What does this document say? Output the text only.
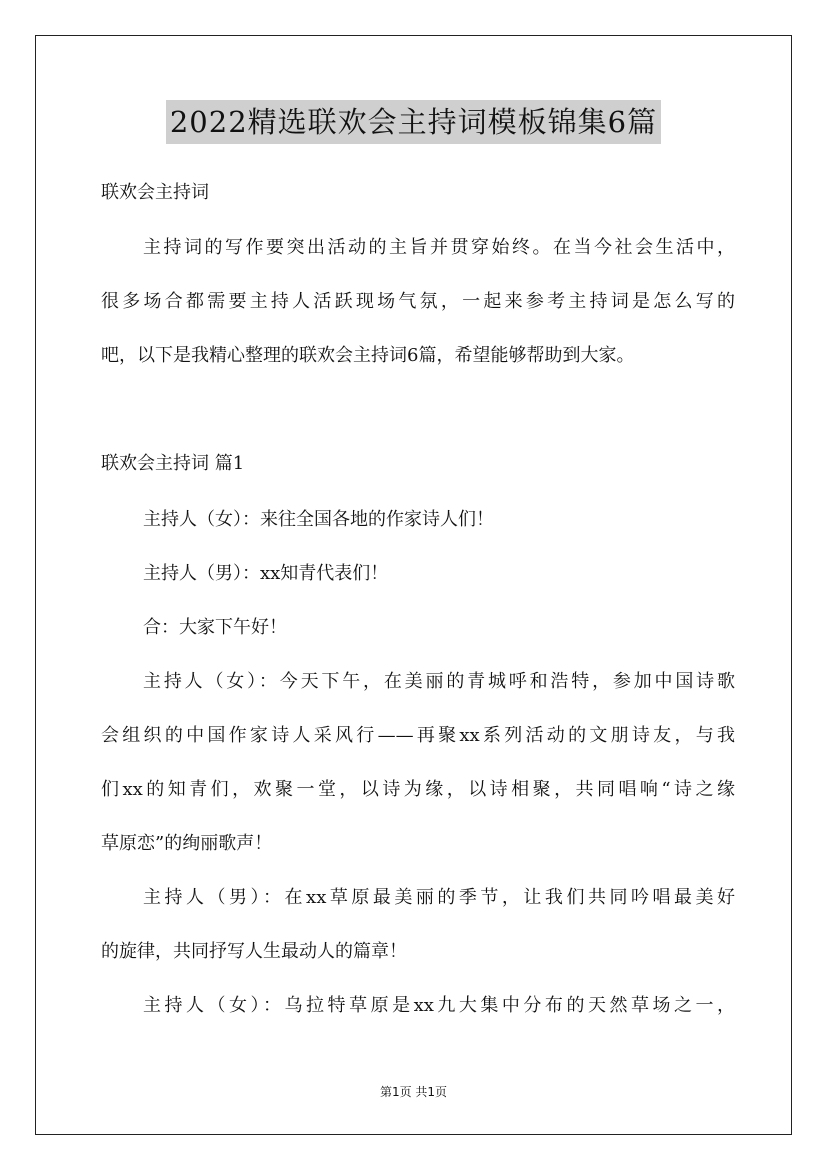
2022精选联欢会主持词模板锦集6篇

联欢会主持词

主持词的写作要突出活动的主旨并贯穿始终。在当今社会生活中，

很多场合都需要主持人活跃现场气氛，一起来参考主持词是怎么写的

吧，以下是我精心整理的联欢会主持词6篇，希望能够帮助到大家。

联欢会主持词 篇1

主持人（女）：来往全国各地的作家诗人们！

主持人（男）：xx知青代表们！

合：大家下午好！

主持人（女）：今天下午，在美丽的青城呼和浩特，参加中国诗歌

会组织的中国作家诗人采风行——再聚xx系列活动的文朋诗友，与我

们xx的知青们，欢聚一堂，以诗为缘，以诗相聚，共同唱响“诗之缘

草原恋”的绚丽歌声！

主持人（男）：在xx草原最美丽的季节，让我们共同吟唱最美好

的旋律，共同抒写人生最动人的篇章！

主持人（女）：乌拉特草原是xx九大集中分布的天然草场之一，

第1页 共1页
